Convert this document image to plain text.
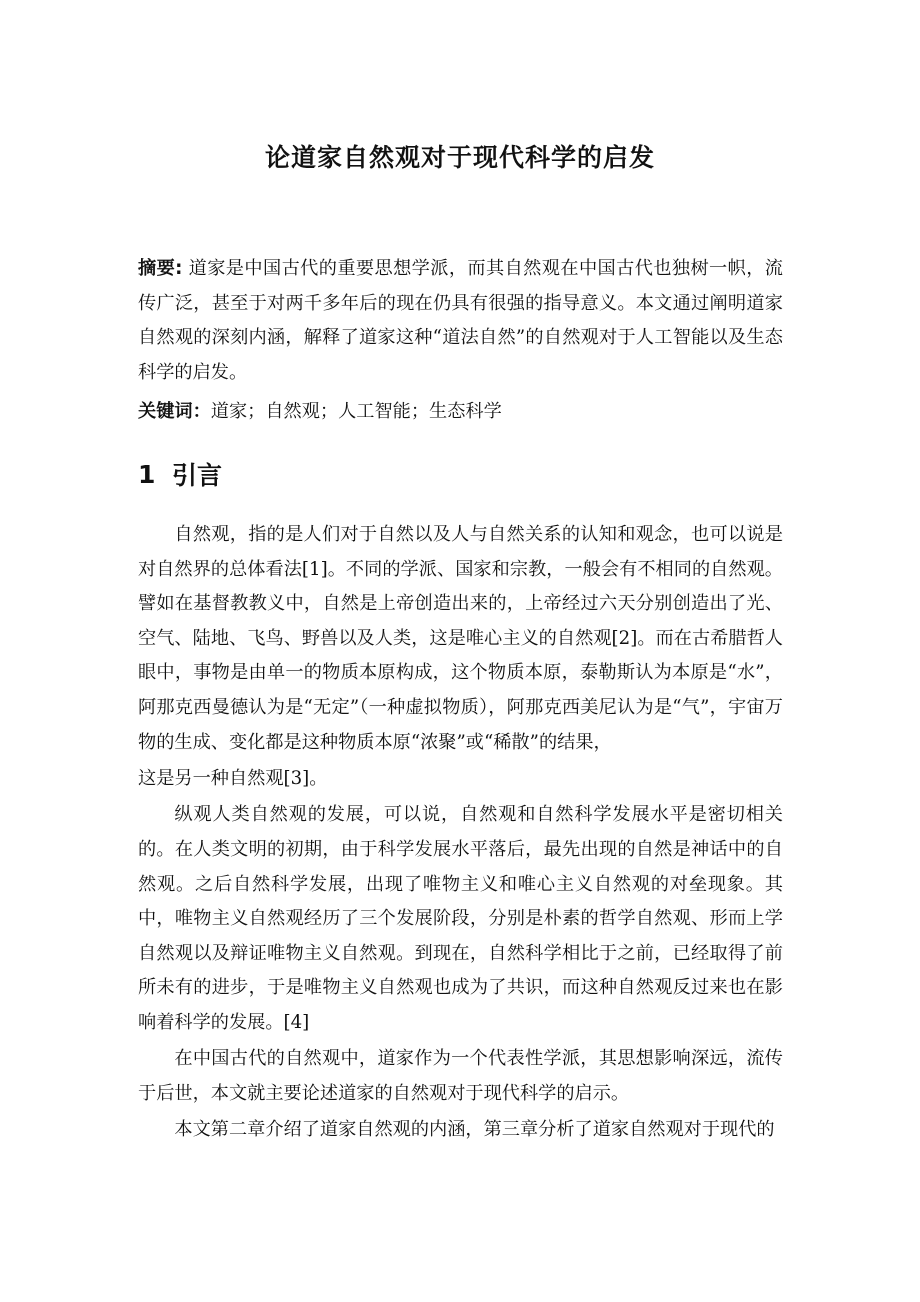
论道家自然观对于现代科学的启发
摘要: 道家是中国古代的重要思想学派，而其自然观在中国古代也独树一帜，流传广泛，甚至于对两千多年后的现在仍具有很强的指导意义。本文通过阐明道家自然观的深刻内涵，解释了道家这种“道法自然”的自然观对于人工智能以及生态科学的启发。
关键词：道家；自然观；人工智能；生态科学
1 引言

自然观，指的是人们对于自然以及人与自然关系的认知和观念，也可以说是对自然界的总体看法[1]。不同的学派、国家和宗教，一般会有不相同的自然观。譬如在基督教教义中，自然是上帝创造出来的，上帝经过六天分别创造出了光、空气、陆地、飞鸟、野兽以及人类，这是唯心主义的自然观[2]。而在古希腊哲人眼中，事物是由单一的物质本原构成，这个物质本原，泰勒斯认为本原是“水”，阿那克西曼德认为是“无定”（一种虚拟物质），阿那克西美尼认为是“气”，宇宙万物的生成、变化都是这种物质本原“浓聚”或“稀散”的结果，

这是另一种自然观[3]。

纵观人类自然观的发展，可以说，自然观和自然科学发展水平是密切相关的。在人类文明的初期，由于科学发展水平落后，最先出现的自然是神话中的自然观。之后自然科学发展，出现了唯物主义和唯心主义自然观的对垒现象。其中，唯物主义自然观经历了三个发展阶段，分别是朴素的哲学自然观、形而上学自然观以及辩证唯物主义自然观。到现在，自然科学相比于之前，已经取得了前所未有的进步，于是唯物主义自然观也成为了共识，而这种自然观反过来也在影响着科学的发展。[4]

在中国古代的自然观中，道家作为一个代表性学派，其思想影响深远，流传于后世，本文就主要论述道家的自然观对于现代科学的启示。

本文第二章介绍了道家自然观的内涵，第三章分析了道家自然观对于现代的
